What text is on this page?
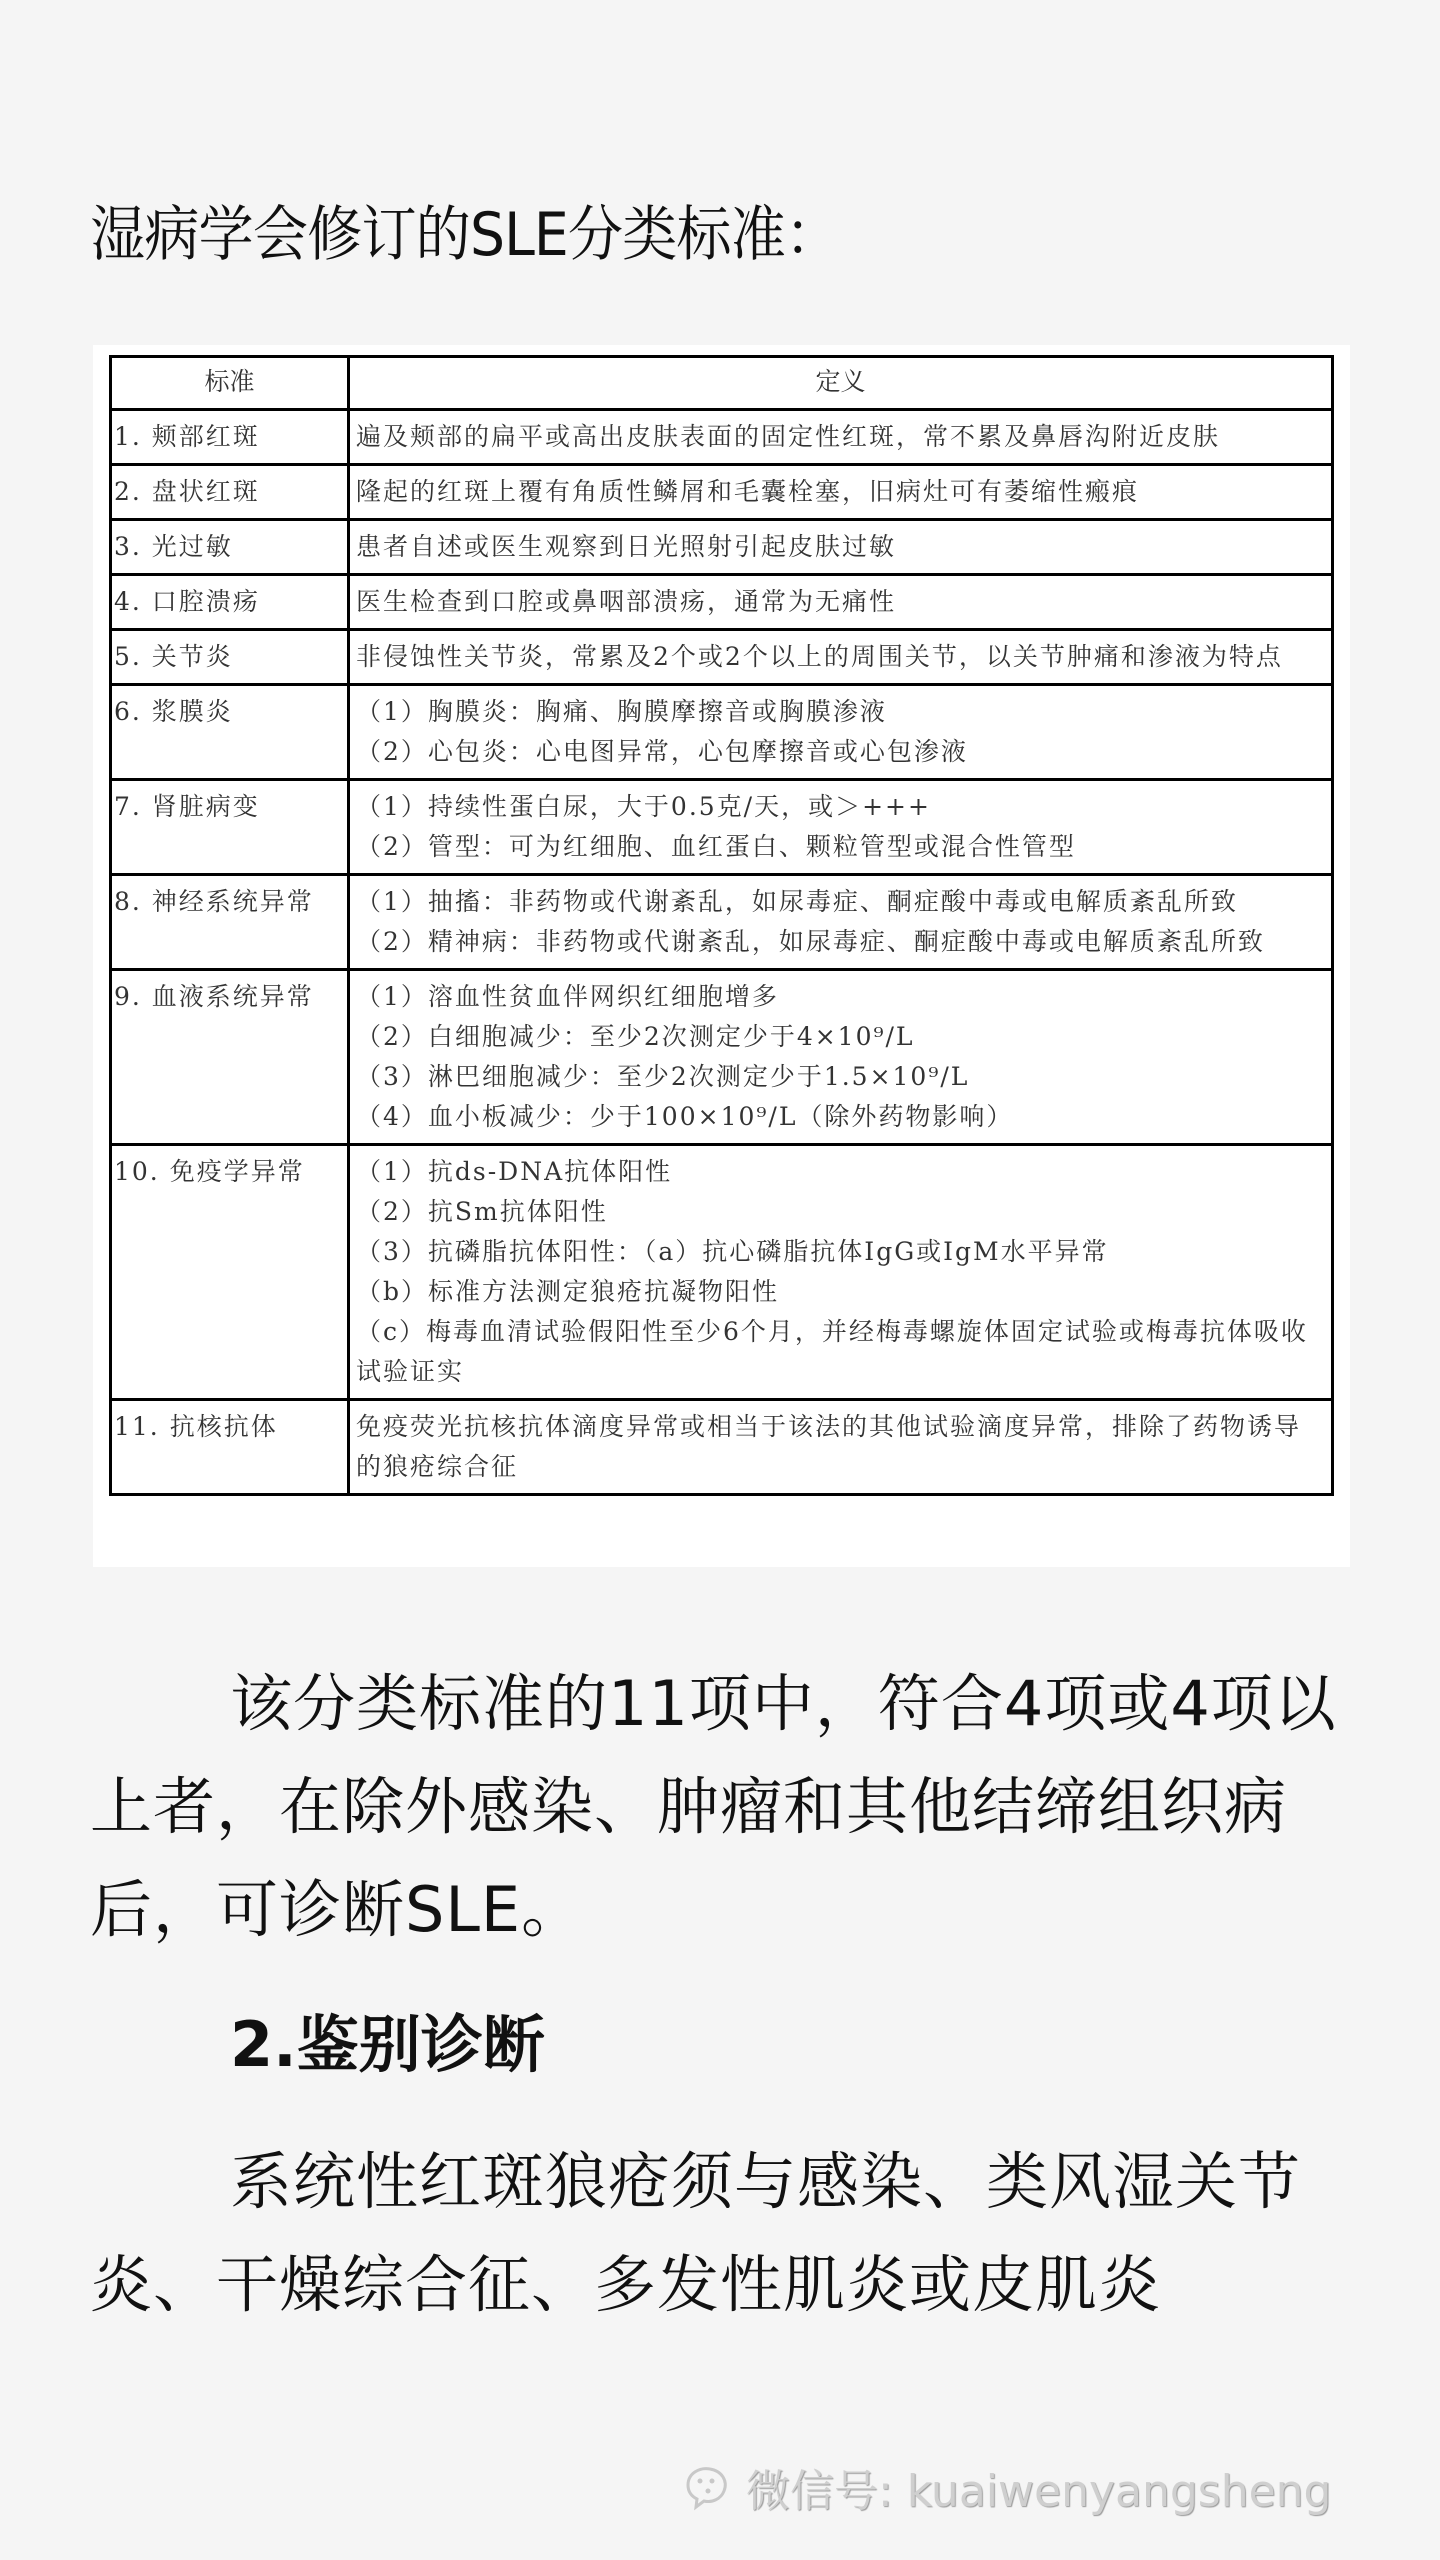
湿病学会修订的SLE分类标准：
标准	定义
1. 颊部红斑	遍及颊部的扁平或高出皮肤表面的固定性红斑，常不累及鼻唇沟附近皮肤

2. 盘状红斑	隆起的红斑上覆有角质性鳞屑和毛囊栓塞，旧病灶可有萎缩性瘢痕

3. 光过敏	患者自述或医生观察到日光照射引起皮肤过敏

4. 口腔溃疡	医生检查到口腔或鼻咽部溃疡，通常为无痛性

5. 关节炎	非侵蚀性关节炎，常累及2个或2个以上的周围关节，以关节肿痛和渗液为特点

6. 浆膜炎	（1）胸膜炎：胸痛、胸膜摩擦音或胸膜渗液
（2）心包炎：心电图异常，心包摩擦音或心包渗液

7. 肾脏病变	（1）持续性蛋白尿，大于0.5克/天，或＞+++
（2）管型：可为红细胞、血红蛋白、颗粒管型或混合性管型

8. 神经系统异常	（1）抽搐：非药物或代谢紊乱，如尿毒症、酮症酸中毒或电解质紊乱所致
（2）精神病：非药物或代谢紊乱，如尿毒症、酮症酸中毒或电解质紊乱所致

9. 血液系统异常	（1）溶血性贫血伴网织红细胞增多
（2）白细胞减少：至少2次测定少于4×10⁹/L
（3）淋巴细胞减少：至少2次测定少于1.5×10⁹/L
（4）血小板减少：少于100×10⁹/L（除外药物影响）

10. 免疫学异常	（1）抗ds-DNA抗体阳性
（2）抗Sm抗体阳性
（3）抗磷脂抗体阳性：（a）抗心磷脂抗体IgG或IgM水平异常
（b）标准方法测定狼疮抗凝物阳性
（c）梅毒血清试验假阳性至少6个月，并经梅毒螺旋体固定试验或梅毒抗体吸收试验证实

11. 抗核抗体	免疫荧光抗核抗体滴度异常或相当于该法的其他试验滴度异常，排除了药物诱导的狼疮综合征
该分类标准的11项中，符合4项或4项以上者，在除外感染、肿瘤和其他结缔组织病后，可诊断SLE。
2.鉴别诊断
系统性红斑狼疮须与感染、类风湿关节炎、干燥综合征、多发性肌炎或皮肌炎
微信号: kuaiwenyangsheng
